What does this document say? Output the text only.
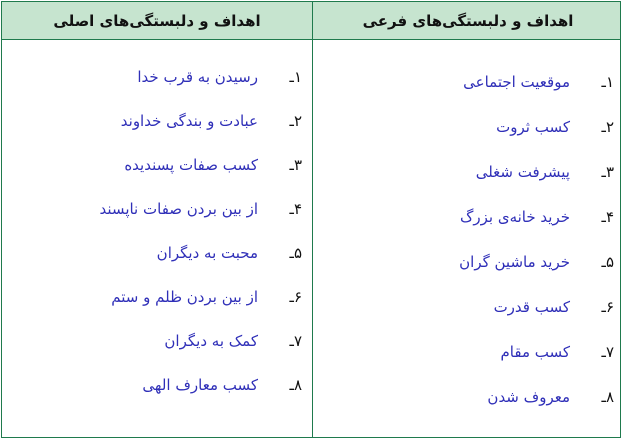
اهداف و دلبستگی‌های اصلی	اهداف و دلبستگی‌های فرعی
۱ـرسیدن به قرب خدا
۲ـعبادت و بندگی خداوند
۳ـکسب صفات پسندیده
۴ـاز بین بردن صفات ناپسند
۵ـمحبت به دیگران
۶ـاز بین بردن ظلم و ستم
۷ـکمک به دیگران
۸ـکسب معارف الهی
۱ـموقعیت اجتماعی
۲ـکسب ثروت
۳ـپیشرفت شغلی
۴ـخرید خانه‌ی بزرگ
۵ـخرید ماشین گران
۶ـکسب قدرت
۷ـکسب مقام
۸ـمعروف شدن
